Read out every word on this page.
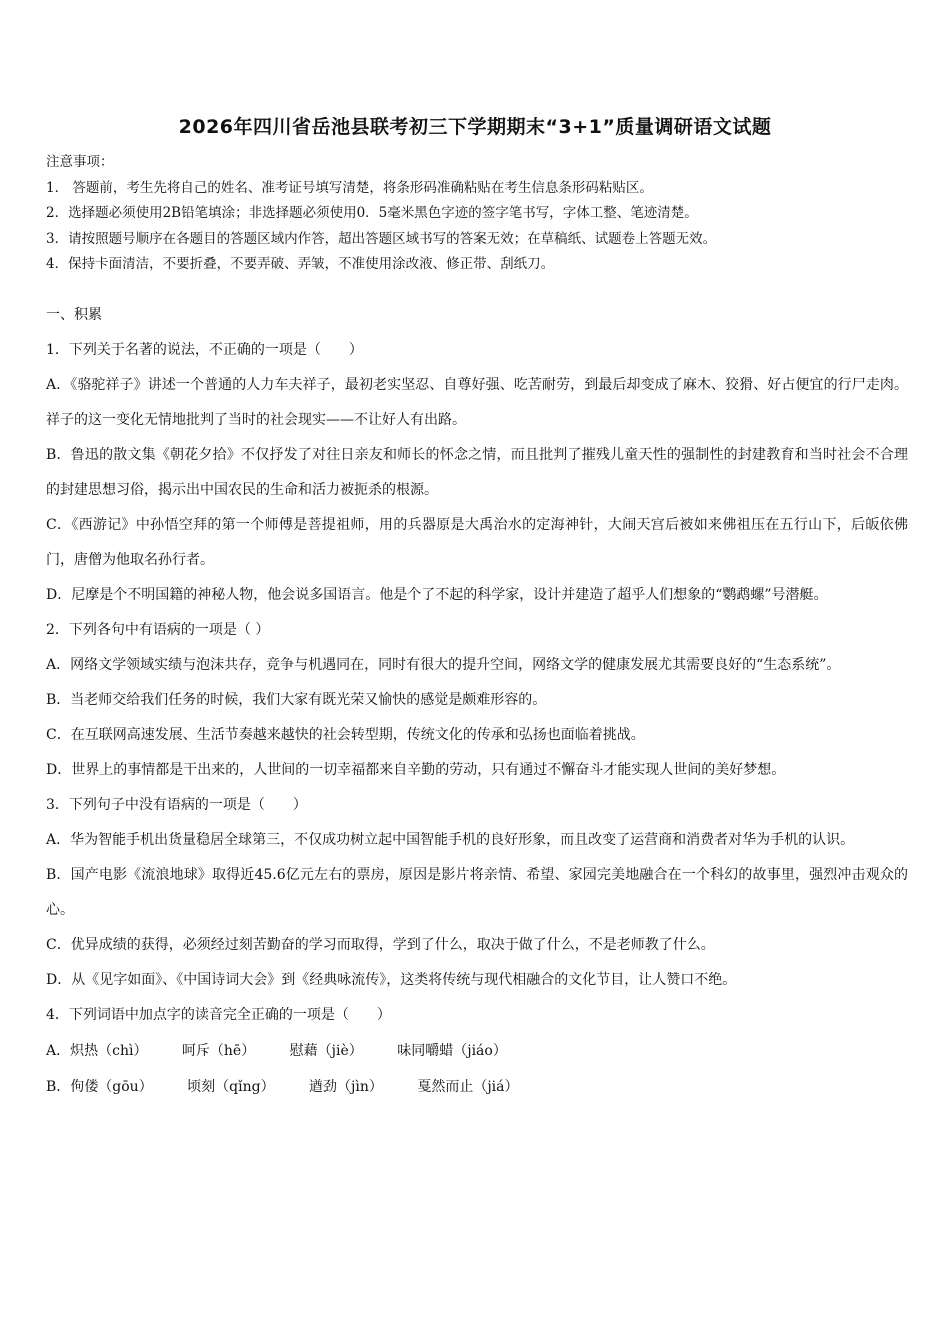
2026年四川省岳池县联考初三下学期期末“3+1”质量调研语文试题
注意事项：
1． 答题前，考生先将自己的姓名、准考证号填写清楚，将条形码准确粘贴在考生信息条形码粘贴区。
2．选择题必须使用2B铅笔填涂；非选择题必须使用0．5毫米黑色字迹的签字笔书写，字体工整、笔迹清楚。
3．请按照题号顺序在各题目的答题区域内作答，超出答题区域书写的答案无效；在草稿纸、试题卷上答题无效。
4．保持卡面清洁，不要折叠，不要弄破、弄皱，不准使用涂改液、修正带、刮纸刀。
一、积累
1．下列关于名著的说法，不正确的一项是（　　）
A．《骆驼祥子》讲述一个普通的人力车夫祥子，最初老实坚忍、自尊好强、吃苦耐劳，到最后却变成了麻木、狡猾、好占便宜的行尸走肉。祥子的这一变化无情地批判了当时的社会现实——不让好人有出路。
B．鲁迅的散文集《朝花夕拾》不仅抒发了对往日亲友和师长的怀念之情，而且批判了摧残儿童天性的强制性的封建教育和当时社会不合理的封建思想习俗，揭示出中国农民的生命和活力被扼杀的根源。
C．《西游记》中孙悟空拜的第一个师傅是菩提祖师，用的兵器原是大禹治水的定海神针，大闹天宫后被如来佛祖压在五行山下，后皈依佛门，唐僧为他取名孙行者。
D．尼摩是个不明国籍的神秘人物，他会说多国语言。他是个了不起的科学家，设计并建造了超乎人们想象的“鹦鹉螺”号潜艇。
2．下列各句中有语病的一项是（ ）
A．网络文学领域实绩与泡沫共存，竞争与机遇同在，同时有很大的提升空间，网络文学的健康发展尤其需要良好的“生态系统”。
B．当老师交给我们任务的时候，我们大家有既光荣又愉快的感觉是颇难形容的。
C．在互联网高速发展、生活节奏越来越快的社会转型期，传统文化的传承和弘扬也面临着挑战。
D．世界上的事情都是干出来的，人世间的一切幸福都来自辛勤的劳动，只有通过不懈奋斗才能实现人世间的美好梦想。
3．下列句子中没有语病的一项是（　　）
A．华为智能手机出货量稳居全球第三，不仅成功树立起中国智能手机的良好形象，而且改变了运营商和消费者对华为手机的认识。
B．国产电影《流浪地球》取得近45.6亿元左右的票房，原因是影片将亲情、希望、家园完美地融合在一个科幻的故事里，强烈冲击观众的心。
C．优异成绩的获得，必须经过刻苦勤奋的学习而取得，学到了什么，取决于做了什么，不是老师教了什么。
D．从《见字如面》、《中国诗词大会》到《经典咏流传》，这类将传统与现代相融合的文化节目，让人赞口不绝。
4．下列词语中加点字的读音完全正确的一项是（　　）
A．炽热（chì） 呵斥（hē） 慰藉（jiè） 味同嚼蜡（jiáo）
B．佝偻（gōu） 顷刻（qǐng） 遒劲（jìn） 戛然而止（jiá）
